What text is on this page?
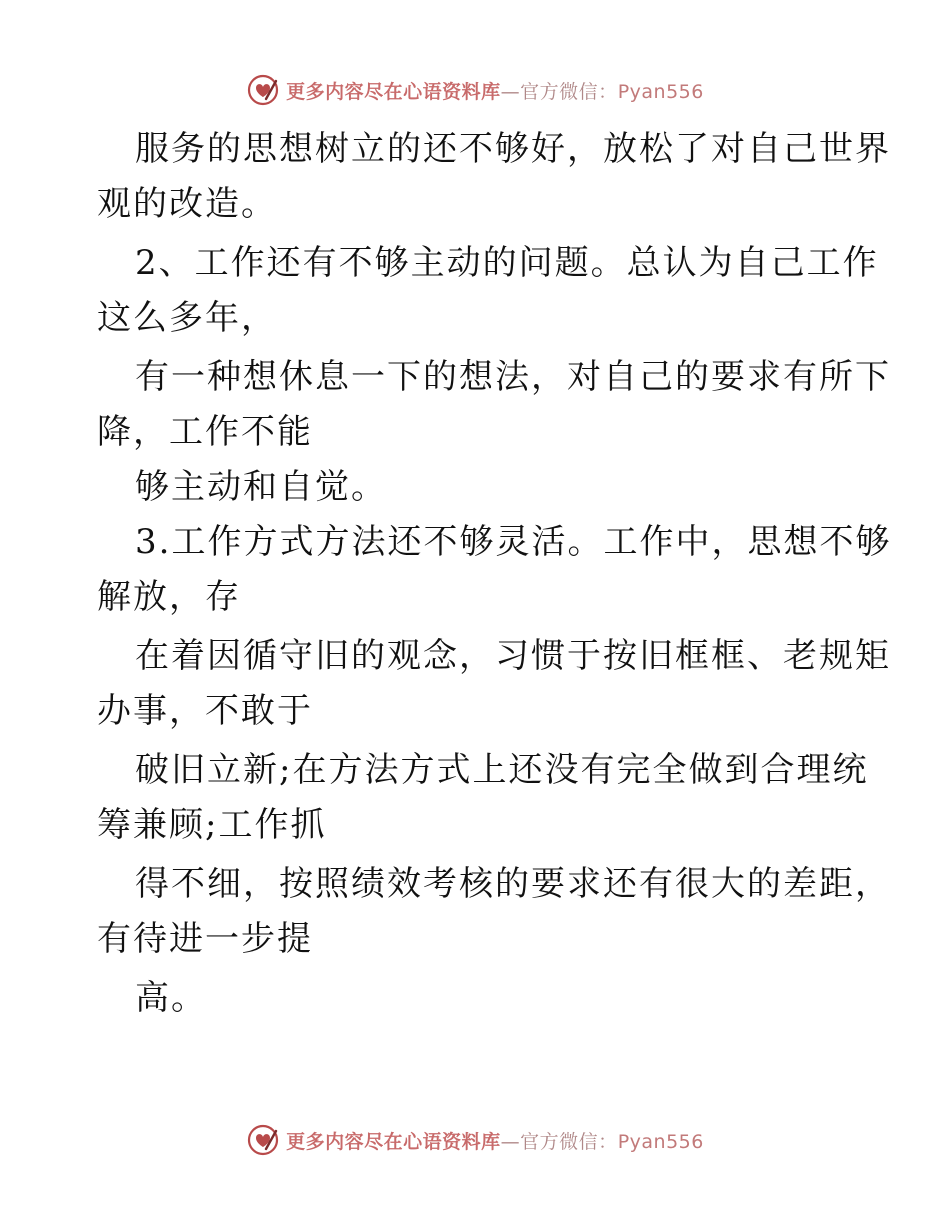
更多内容尽在心语资料库—官方微信：Pyan556
服务的思想树立的还不够好，放松了对自己世界
观的改造。
2、工作还有不够主动的问题。总认为自己工作
这么多年，
有一种想休息一下的想法，对自己的要求有所下
降，工作不能
够主动和自觉。
3.工作方式方法还不够灵活。工作中，思想不够
解放，存
在着因循守旧的观念，习惯于按旧框框、老规矩
办事，不敢于
破旧立新;在方法方式上还没有完全做到合理统
筹兼顾;工作抓
得不细，按照绩效考核的要求还有很大的差距，
有待进一步提
高。
更多内容尽在心语资料库—官方微信：Pyan556
